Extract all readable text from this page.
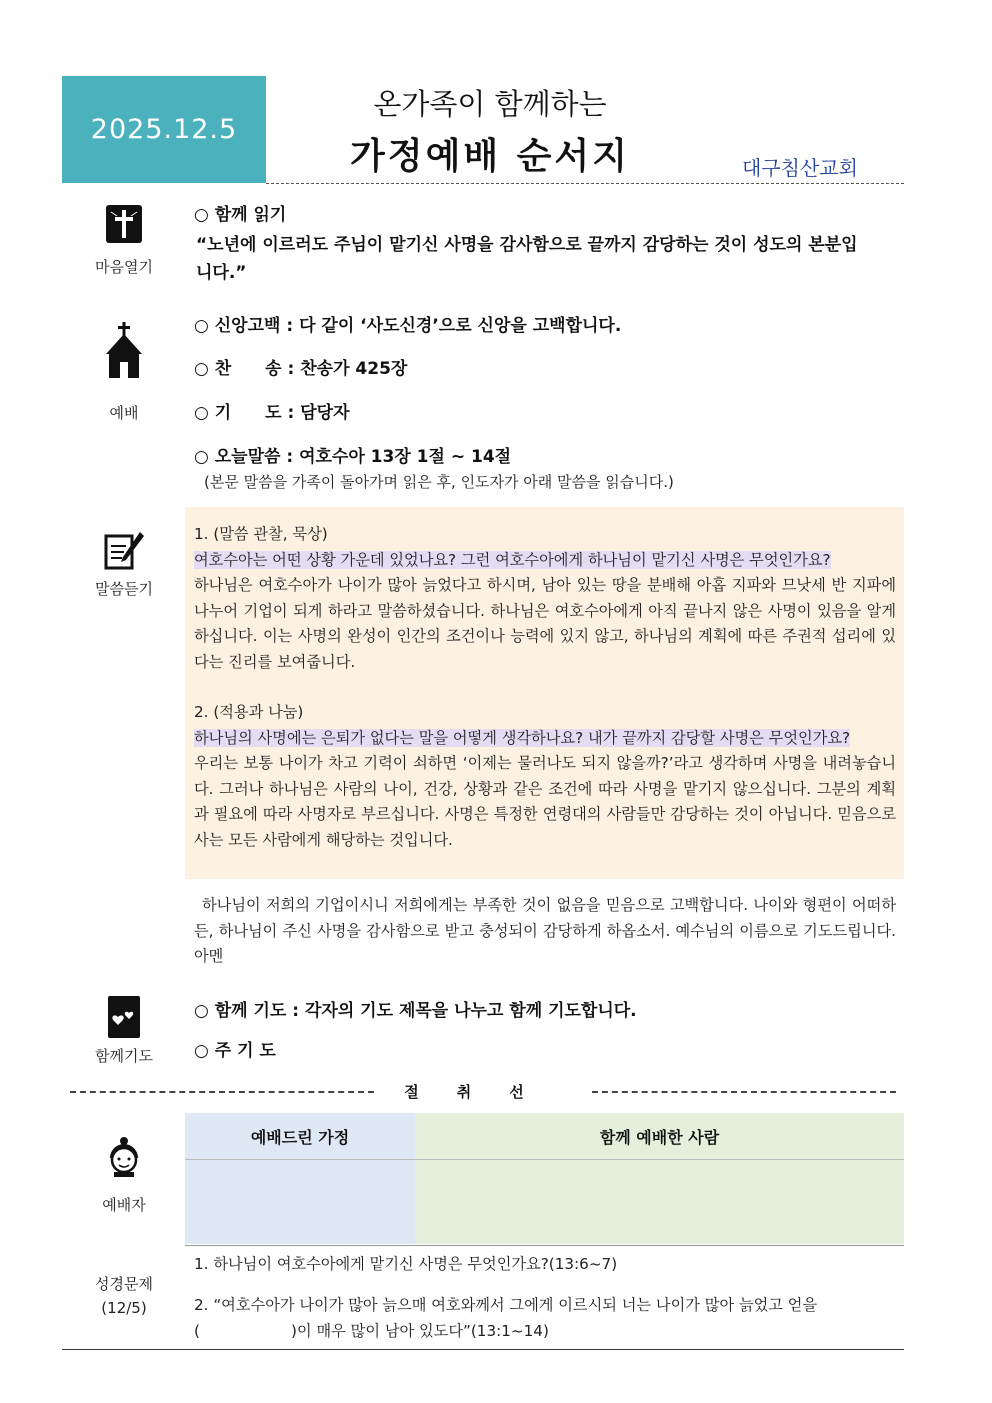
2025.12.5
온가족이 함께하는
가정예배 순서지	대구침산교회
마음열기
○ 함께 읽기
“노년에 이르러도 주님이 맡기신 사명을 감사함으로 끝까지 감당하는 것이 성도의 본분입
니다.”
예배
○ 신앙고백 : 다 같이 ‘사도신경’으로 신앙을 고백합니다.
○ 찬　　송 : 찬송가 425장
○ 기　　도 : 담당자
○ 오늘말씀 : 여호수아 13장 1절 ~ 14절
(본문 말씀을 가족이 돌아가며 읽은 후, 인도자가 아래 말씀을 읽습니다.)
말씀듣기
1. (말씀 관찰, 묵상)
여호수아는 어떤 상황 가운데 있었나요? 그런 여호수아에게 하나님이 맡기신 사명은 무엇인가요?
하나님은 여호수아가 나이가 많아 늙었다고 하시며, 남아 있는 땅을 분배해 아홉 지파와 므낫세 반 지파에 나누어 기업이 되게 하라고 말씀하셨습니다. 하나님은 여호수아에게 아직 끝나지 않은 사명이 있음을 알게 하십니다. 이는 사명의 완성이 인간의 조건이나 능력에 있지 않고, 하나님의 계획에 따른 주권적 섭리에 있다는 진리를 보여줍니다.
2. (적용과 나눔)
하나님의 사명에는 은퇴가 없다는 말을 어떻게 생각하나요? 내가 끝까지 감당할 사명은 무엇인가요?
우리는 보통 나이가 차고 기력이 쇠하면 ‘이제는 물러나도 되지 않을까?’라고 생각하며 사명을 내려놓습니다. 그러나 하나님은 사람의 나이, 건강, 상황과 같은 조건에 따라 사명을 맡기지 않으십니다. 그분의 계획과 필요에 따라 사명자로 부르십니다. 사명은 특정한 연령대의 사람들만 감당하는 것이 아닙니다. 믿음으로 사는 모든 사람에게 해당하는 것입니다.
하나님이 저희의 기업이시니 저희에게는 부족한 것이 없음을 믿음으로 고백합니다. 나이와 형편이 어떠하든, 하나님이 주신 사명을 감사함으로 받고 충성되이 감당하게 하옵소서. 예수님의 이름으로 기도드립니다. 아멘
함께기도
○ 함께 기도 : 각자의 기도 제목을 나누고 함께 기도합니다.
○ 주 기 도
절취선
예배자
예배드린 가정	함께 예배한 사람
성경문제
(12/5)
1. 하나님이 여호수아에게 맡기신 사명은 무엇인가요?(13:6~7)
2. “여호수아가 나이가 많아 늙으매 여호와께서 그에게 이르시되 너는 나이가 많아 늙었고 얻을
(　　　　　　)이 매우 많이 남아 있도다”(13:1~14)
